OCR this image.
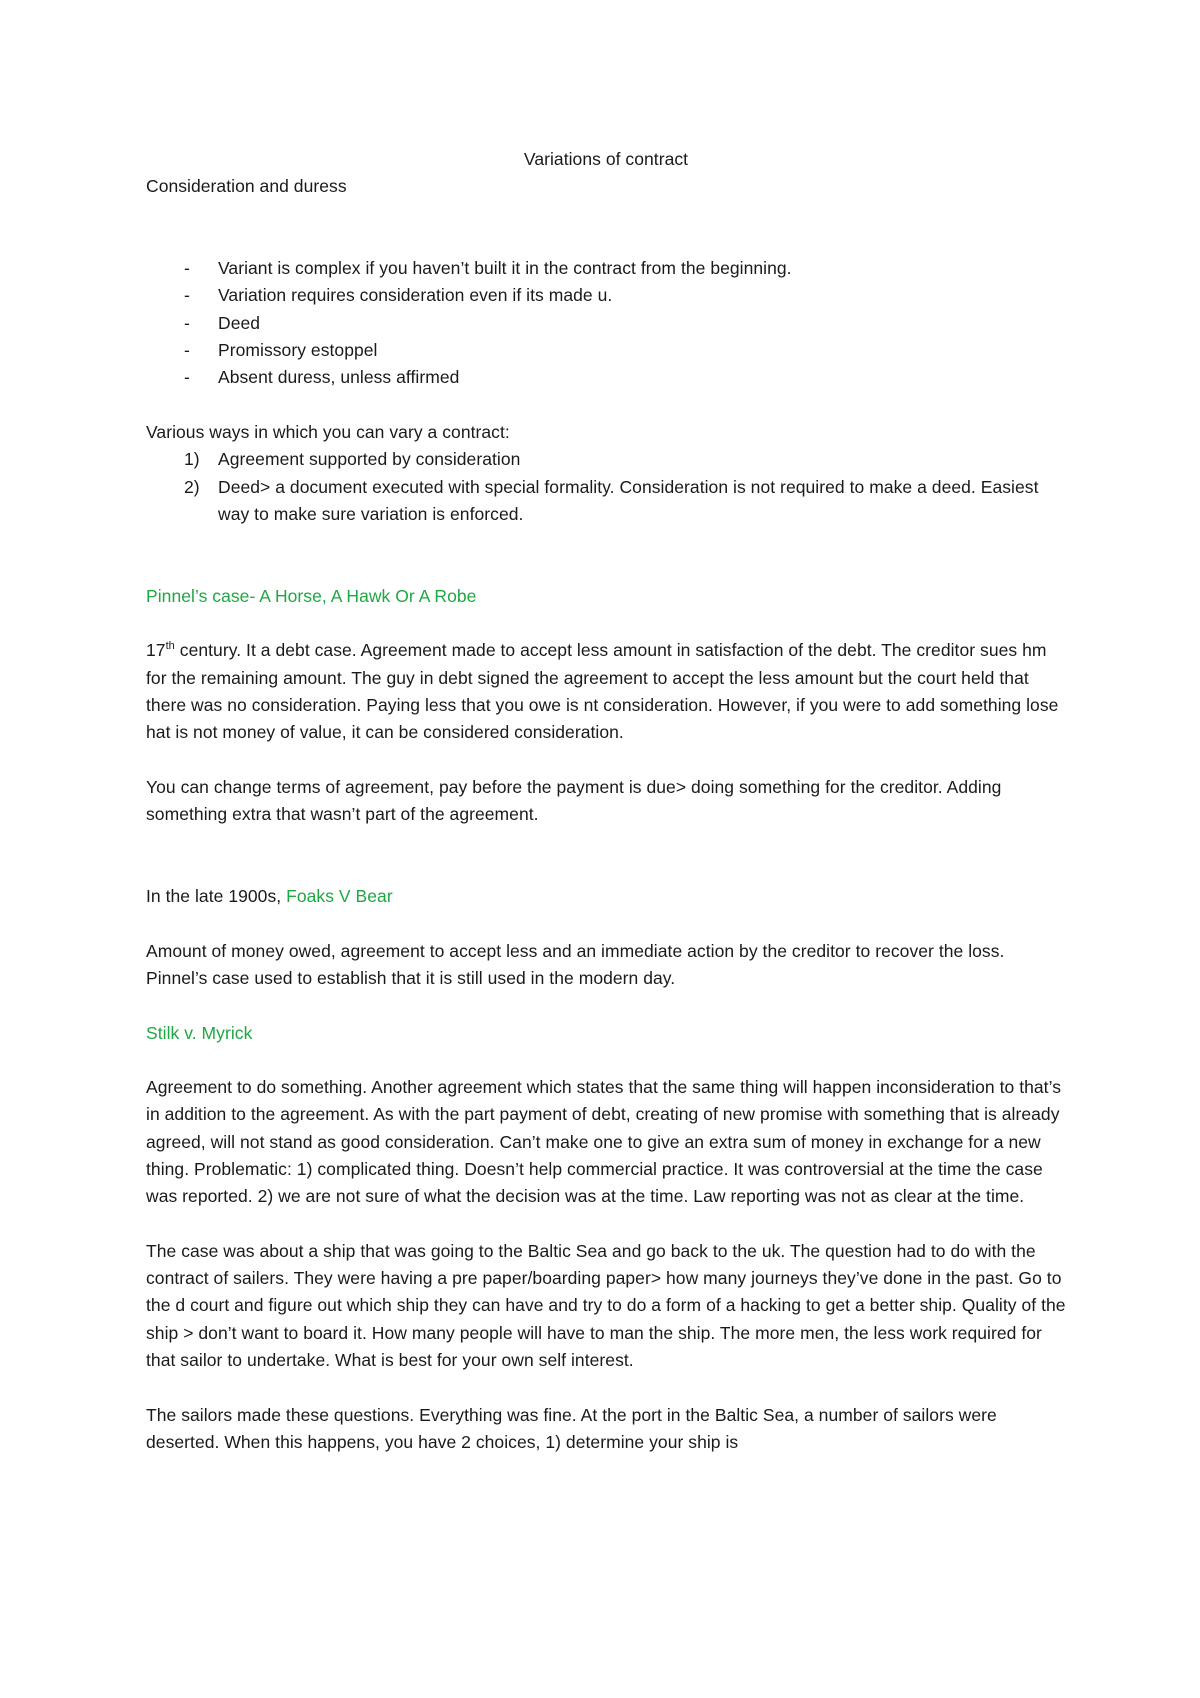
Variations of contract

Consideration and duress

- Variant is complex if you haven’t built it in the contract from the beginning.
- Variation requires consideration even if its made u.
- Deed
- Promissory estoppel
- Absent duress, unless affirmed

Various ways in which you can vary a contract:

1) Agreement supported by consideration
2) Deed> a document executed with special formality. Consideration is not required to make a deed. Easiest way to make sure variation is enforced.

Pinnel’s case- A Horse, A Hawk Or A Robe

17th century. It a debt case. Agreement made to accept less amount in satisfaction of the debt. The creditor sues hm for the remaining amount. The guy in debt signed the agreement to accept the less amount but the court held that there was no consideration. Paying less that you owe is nt consideration. However, if you were to add something lose hat is not money of value, it can be considered consideration.

You can change terms of agreement, pay before the payment is due> doing something for the creditor. Adding something extra that wasn’t part of the agreement.

In the late 1900s, Foaks V Bear

Amount of money owed, agreement to accept less and an immediate action by the creditor to recover the loss. Pinnel’s case used to establish that it is still used in the modern day.

Stilk v. Myrick

Agreement to do something. Another agreement which states that the same thing will happen inconsideration to that’s in addition to the agreement. As with the part payment of debt, creating of new promise with something that is already agreed, will not stand as good consideration. Can’t make one to give an extra sum of money in exchange for a new thing. Problematic: 1) complicated thing. Doesn’t help commercial practice. It was controversial at the time the case was reported. 2) we are not sure of what the decision was at the time. Law reporting was not as clear at the time.

The case was about a ship that was going to the Baltic Sea and go back to the uk. The question had to do with the contract of sailers. They were having a pre paper/boarding paper> how many journeys they’ve done in the past. Go to the d court and figure out which ship they can have and try to do a form of a hacking to get a better ship. Quality of the ship > don’t want to board it. How many people will have to man the ship. The more men, the less work required for that sailor to undertake. What is best for your own self interest.

The sailors made these questions. Everything was fine. At the port in the Baltic Sea, a number of sailors were deserted. When this happens, you have 2 choices, 1) determine your ship is
